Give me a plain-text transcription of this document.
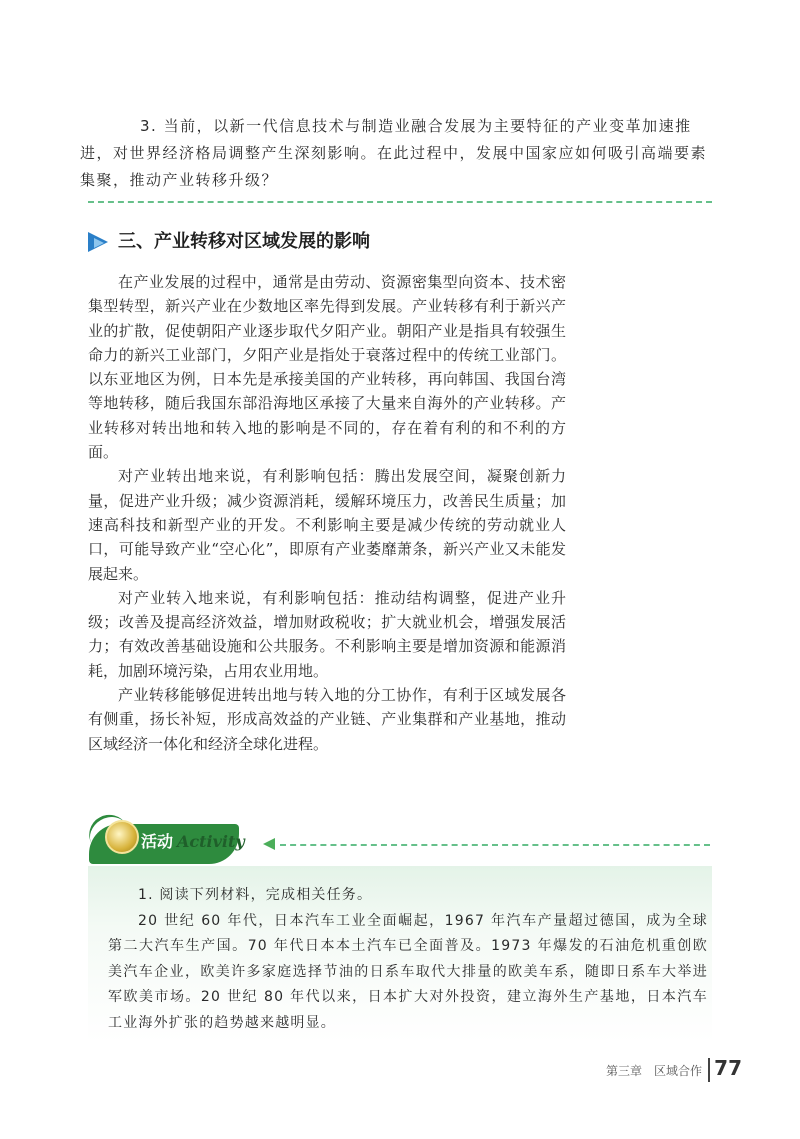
3. 当前，以新一代信息技术与制造业融合发展为主要特征的产业变革加速推进，对世界经济格局调整产生深刻影响。在此过程中，发展中国家应如何吸引高端要素集聚，推动产业转移升级？
三、产业转移对区域发展的影响

在产业发展的过程中，通常是由劳动、资源密集型向资本、技术密集型转型，新兴产业在少数地区率先得到发展。产业转移有利于新兴产业的扩散，促使朝阳产业逐步取代夕阳产业。朝阳产业是指具有较强生命力的新兴工业部门，夕阳产业是指处于衰落过程中的传统工业部门。以东亚地区为例，日本先是承接美国的产业转移，再向韩国、我国台湾等地转移，随后我国东部沿海地区承接了大量来自海外的产业转移。产业转移对转出地和转入地的影响是不同的，存在着有利的和不利的方面。

对产业转出地来说，有利影响包括：腾出发展空间，凝聚创新力量，促进产业升级；减少资源消耗，缓解环境压力，改善民生质量；加速高科技和新型产业的开发。不利影响主要是减少传统的劳动就业人口，可能导致产业“空心化”，即原有产业萎靡萧条，新兴产业又未能发展起来。

对产业转入地来说，有利影响包括：推动结构调整，促进产业升级；改善及提高经济效益，增加财政税收；扩大就业机会，增强发展活力；有效改善基础设施和公共服务。不利影响主要是增加资源和能源消耗，加剧环境污染，占用农业用地。

产业转移能够促进转出地与转入地的分工协作，有利于区域发展各有侧重，扬长补短，形成高效益的产业链、产业集群和产业基地，推动区域经济一体化和经济全球化进程。

活动 Activity

1. 阅读下列材料，完成相关任务。

20 世纪 60 年代，日本汽车工业全面崛起，1967 年汽车产量超过德国，成为全球第二大汽车生产国。70 年代日本本土汽车已全面普及。1973 年爆发的石油危机重创欧美汽车企业，欧美许多家庭选择节油的日系车取代大排量的欧美车系，随即日系车大举进军欧美市场。20 世纪 80 年代以来，日本扩大对外投资，建立海外生产基地，日本汽车工业海外扩张的趋势越来越明显。

第三章　区域合作 77
